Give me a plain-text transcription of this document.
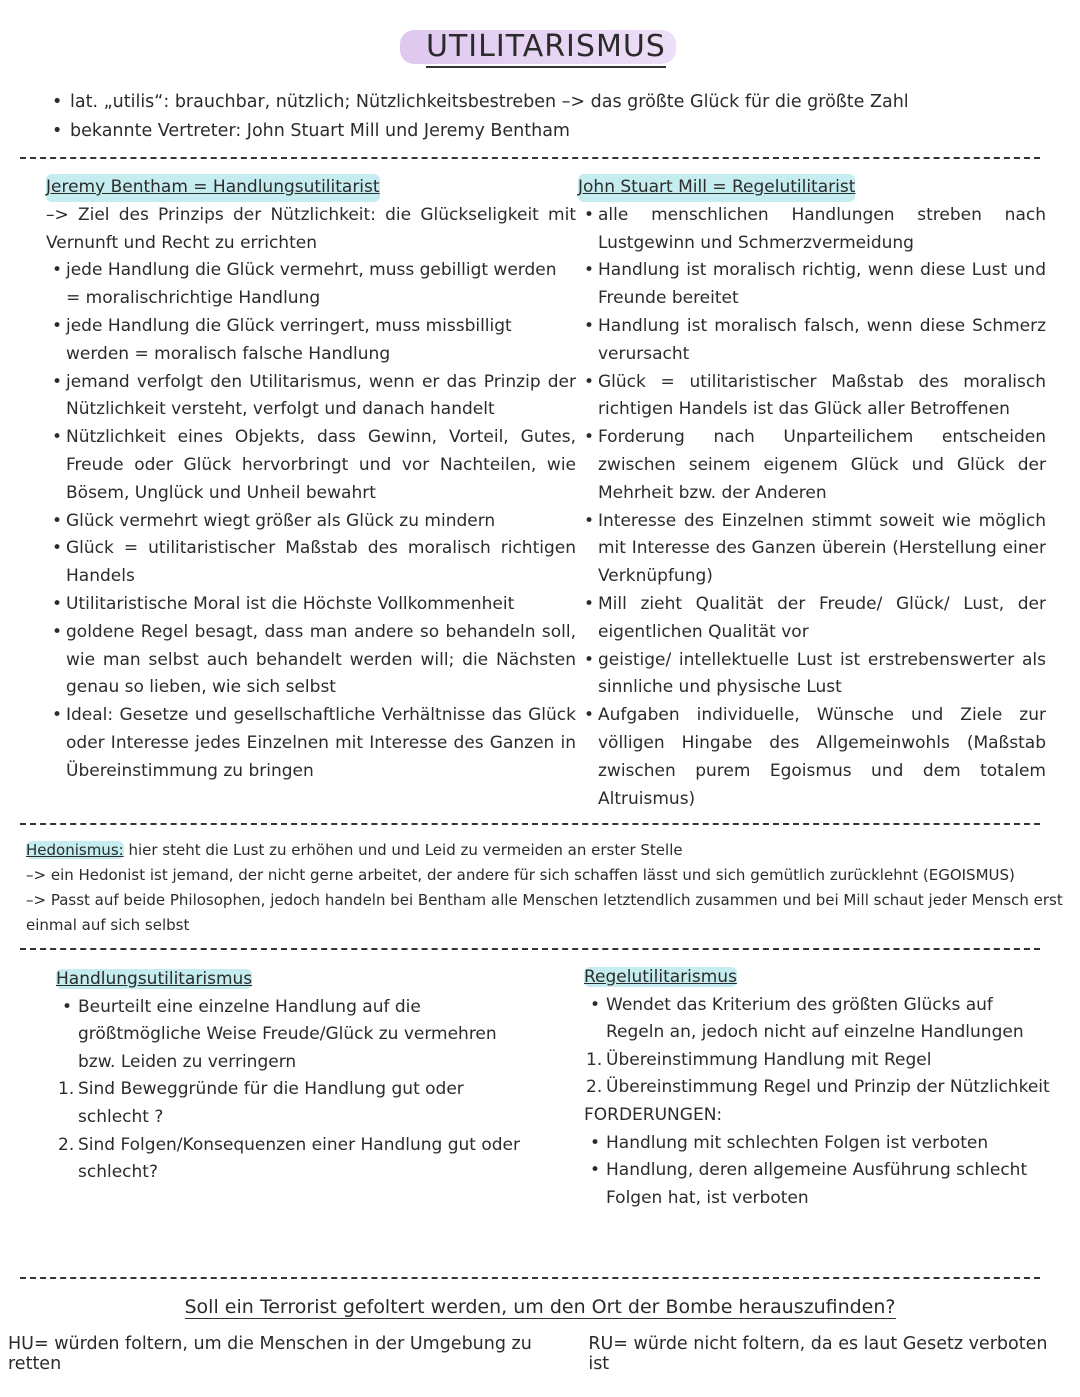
UTILITARISMUS
• lat. „utilis“: brauchbar, nützlich; Nützlichkeitsbestreben –> das größte Glück für die größte Zahl
• bekannte Vertreter: John Stuart Mill und Jeremy Bentham

Jeremy Bentham = Handlungsutilitarist

–> Ziel des Prinzips der Nützlichkeit: die Glückseligkeit mit Vernunft und Recht zu errichten

• jede Handlung die Glück vermehrt, muss gebilligt werden = moralischrichtige Handlung
• jede Handlung die Glück verringert, muss missbilligt werden = moralisch falsche Handlung
• jemand verfolgt den Utilitarismus, wenn er das Prinzip der Nützlichkeit versteht, verfolgt und danach handelt
• Nützlichkeit eines Objekts, dass Gewinn, Vorteil, Gutes, Freude oder Glück hervorbringt und vor Nachteilen, wie Bösem, Unglück und Unheil bewahrt
• Glück vermehrt wiegt größer als Glück zu mindern
• Glück = utilitaristischer Maßstab des moralisch richtigen Handels
• Utilitaristische Moral ist die Höchste Vollkommenheit
• goldene Regel besagt, dass man andere so behandeln soll, wie man selbst auch behandelt werden will; die Nächsten genau so lieben, wie sich selbst
• Ideal: Gesetze und gesellschaftliche Verhältnisse das Glück oder Interesse jedes Einzelnen mit Interesse des Ganzen in Übereinstimmung zu bringen

John Stuart Mill = Regelutilitarist

• alle menschlichen Handlungen streben nach Lustgewinn und Schmerzvermeidung
• Handlung ist moralisch richtig, wenn diese Lust und Freunde bereitet
• Handlung ist moralisch falsch, wenn diese Schmerz verursacht
• Glück = utilitaristischer Maßstab des moralisch richtigen Handels ist das Glück aller Betroffenen
• Forderung nach Unparteilichem entscheiden zwischen seinem eigenem Glück und Glück der Mehrheit bzw. der Anderen
• Interesse des Einzelnen stimmt soweit wie möglich mit Interesse des Ganzen überein (Herstellung einer Verknüpfung)
• Mill zieht Qualität der Freude/ Glück/ Lust, der eigentlichen Qualität vor
• geistige/ intellektuelle Lust ist erstrebenswerter als sinnliche und physische Lust
• Aufgaben individuelle, Wünsche und Ziele zur völligen Hingabe des Allgemeinwohls (Maßstab zwischen purem Egoismus und dem totalem Altruismus)
Hedonismus: hier steht die Lust zu erhöhen und und Leid zu vermeiden an erster Stelle
–> ein Hedonist ist jemand, der nicht gerne arbeitet, der andere für sich schaffen lässt und sich gemütlich zurücklehnt (EGOISMUS)
–> Passt auf beide Philosophen, jedoch handeln bei Bentham alle Menschen letztendlich zusammen und bei Mill schaut jeder Mensch erst einmal auf sich selbst
Handlungsutilitarismus
• Beurteilt eine einzelne Handlung auf die größtmögliche Weise Freude/Glück zu vermehren bzw. Leiden zu verringern
1. Sind Beweggründe für die Handlung gut oder schlecht ?
2. Sind Folgen/Konsequenzen einer Handlung gut oder schlecht?
Regelutilitarismus
• Wendet das Kriterium des größten Glücks auf Regeln an, jedoch nicht auf einzelne Handlungen
1. Übereinstimmung Handlung mit Regel
2. Übereinstimmung Regel und Prinzip der Nützlichkeit
FORDERUNGEN:
• Handlung mit schlechten Folgen ist verboten
• Handlung, deren allgemeine Ausführung schlecht Folgen hat, ist verboten
Soll ein Terrorist gefoltert werden, um den Ort der Bombe herauszufinden?
HU= würden foltern, um die Menschen in der Umgebung zu retten
RU= würde nicht foltern, da es laut Gesetz verboten ist
